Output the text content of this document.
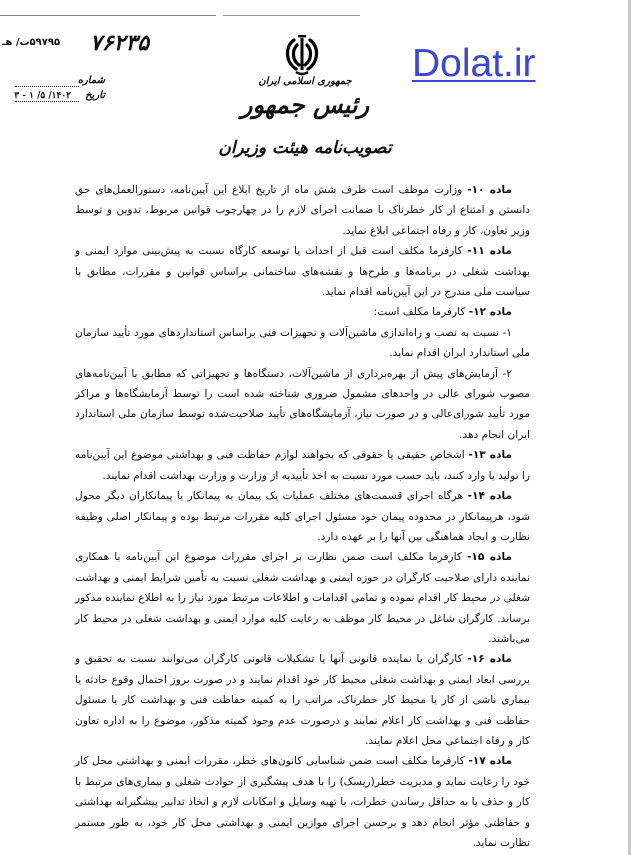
۵۹۷۹۵ت/ هـ ۷۶۲۳۵
شماره
تاریخ
۱۴۰۲/ ۵/ ۱ - ۳
جمهوری اسلامی ایران
رئیس جمهور
تصویب‌نامه هیئت وزیران
Dolat.ir

ماده ۱۰- وزارت موظف است ظرف شش ماه از تاریخ ابلاغ این آیین‌نامه، دستورالعمل‌های حق دانستن و امتناع از کار خطرناک با ضمانت اجرای لازم را در چهارچوب قوانین مربوط، تدوین و توسط وزیر تعاون، کار و رفاه اجتماعی ابلاغ نماید.

ماده ۱۱- کارفرما مکلف است قبل از احداث یا توسعه کارگاه نسبت به پیش‌بینی موارد ایمنی و بهداشت شغلی در برنامه‌ها و طرح‌ها و نقشه‌های ساختمانی براساس قوانین و مقررات، مطابق با سیاست ملی مندرج در این آیین‌نامه اقدام نماید.

ماده ۱۲- کارفرما مکلف است:

۱- نسبت به نصب و راه‌اندازی ماشین‌آلات و تجهیزات فنی براساس استانداردهای مورد تأیید سازمان ملی استاندارد ایران اقدام نماید.

۲- آزمایش‌های پیش از بهره‌برداری از ماشین‌آلات، دستگاه‌ها و تجهیزاتی که مطابق با آیین‌نامه‌های مصوب شورای عالی در واحدهای مشمول ضروری شناخته شده است را توسط آزمایشگاه‌ها و مراکز مورد تأیید شورای‌عالی و در صورت نیاز، آزمایشگاه‌های تأیید صلاحیت‌شده توسط سازمان ملی استاندارد ایران انجام دهد.

ماده ۱۳- اشخاص حقیقی یا حقوقی که بخواهند لوازم حفاظت فنی و بهداشتی موضوع این آیین‌نامه را تولید یا وارد کنند، باید حسب مورد نسبت به اخذ تأییدیه از وزارت و وزارت بهداشت اقدام نمایند.

ماده ۱۴- هرگاه اجرای قسمت‌های مختلف عملیات یک پیمان به پیمانکار یا پیمانکاران دیگر محول شود، هرپیمانکار در محدوده پیمان خود مسئول اجرای کلیه مقررات مرتبط بوده و پیمانکار اصلی وظیفه نظارت و ایجاد هماهنگی بین آنها را بر عهده دارد.

ماده ۱۵- کارفرما مکلف است ضمن نظارت بر اجرای مقررات موضوع این آیین‌نامه با همکاری نماینده دارای صلاحیت کارگران در حوزه ایمنی و بهداشت شغلی نسبت به تأمین شرایط ایمنی و بهداشت شغلی در محیط کار اقدام نموده و تمامی اقدامات و اطلاعات مرتبط مورد نیاز را به اطلاع نماینده مذکور برساند. کارگران شاغل در محیط کار موظف به رعایت کلیه موارد ایمنی و بهداشت شغلی در محیط کار می‌باشند.

ماده ۱۶- کارگران یا نماینده قانونی آنها یا تشکیلات قانونی کارگران می‌توانند نسبت به تحقیق و بررسی ابعاد ایمنی و بهداشت شغلی محیط کار خود اقدام نمایند و در صورت بروز احتمال وقوع حادثه یا بیماری ناشی از کار یا محیط کار خطرناک، مراتب را به کمیته حفاظت فنی و بهداشت کار یا مسئول حفاظت فنی و بهداشت کار اعلام نمایند و درصورت عدم وجود کمیته مذکور، موضوع را به اداره تعاون کار و رفاه اجتماعی محل اعلام نمایند.

ماده ۱۷- کارفرما مکلف است ضمن شناسایی کانون‌های خطر، مقررات ایمنی و بهداشتی محل کار خود را رعایت نماید و مدیریت خطر(ریسک) را با هدف پیشگیری از حوادث شغلی و بیماری‌های مرتبط با کار و حذف یا به حداقل رساندن خطرات، با تهیه وسایل و امکانات لازم و اتخاذ تدابیر پیشگیرانه بهداشتی و حفاظتی مؤثر انجام دهد و برحسن اجرای موازین ایمنی و بهداشتی محل کار خود، به طور مستمر نظارت نماید.
